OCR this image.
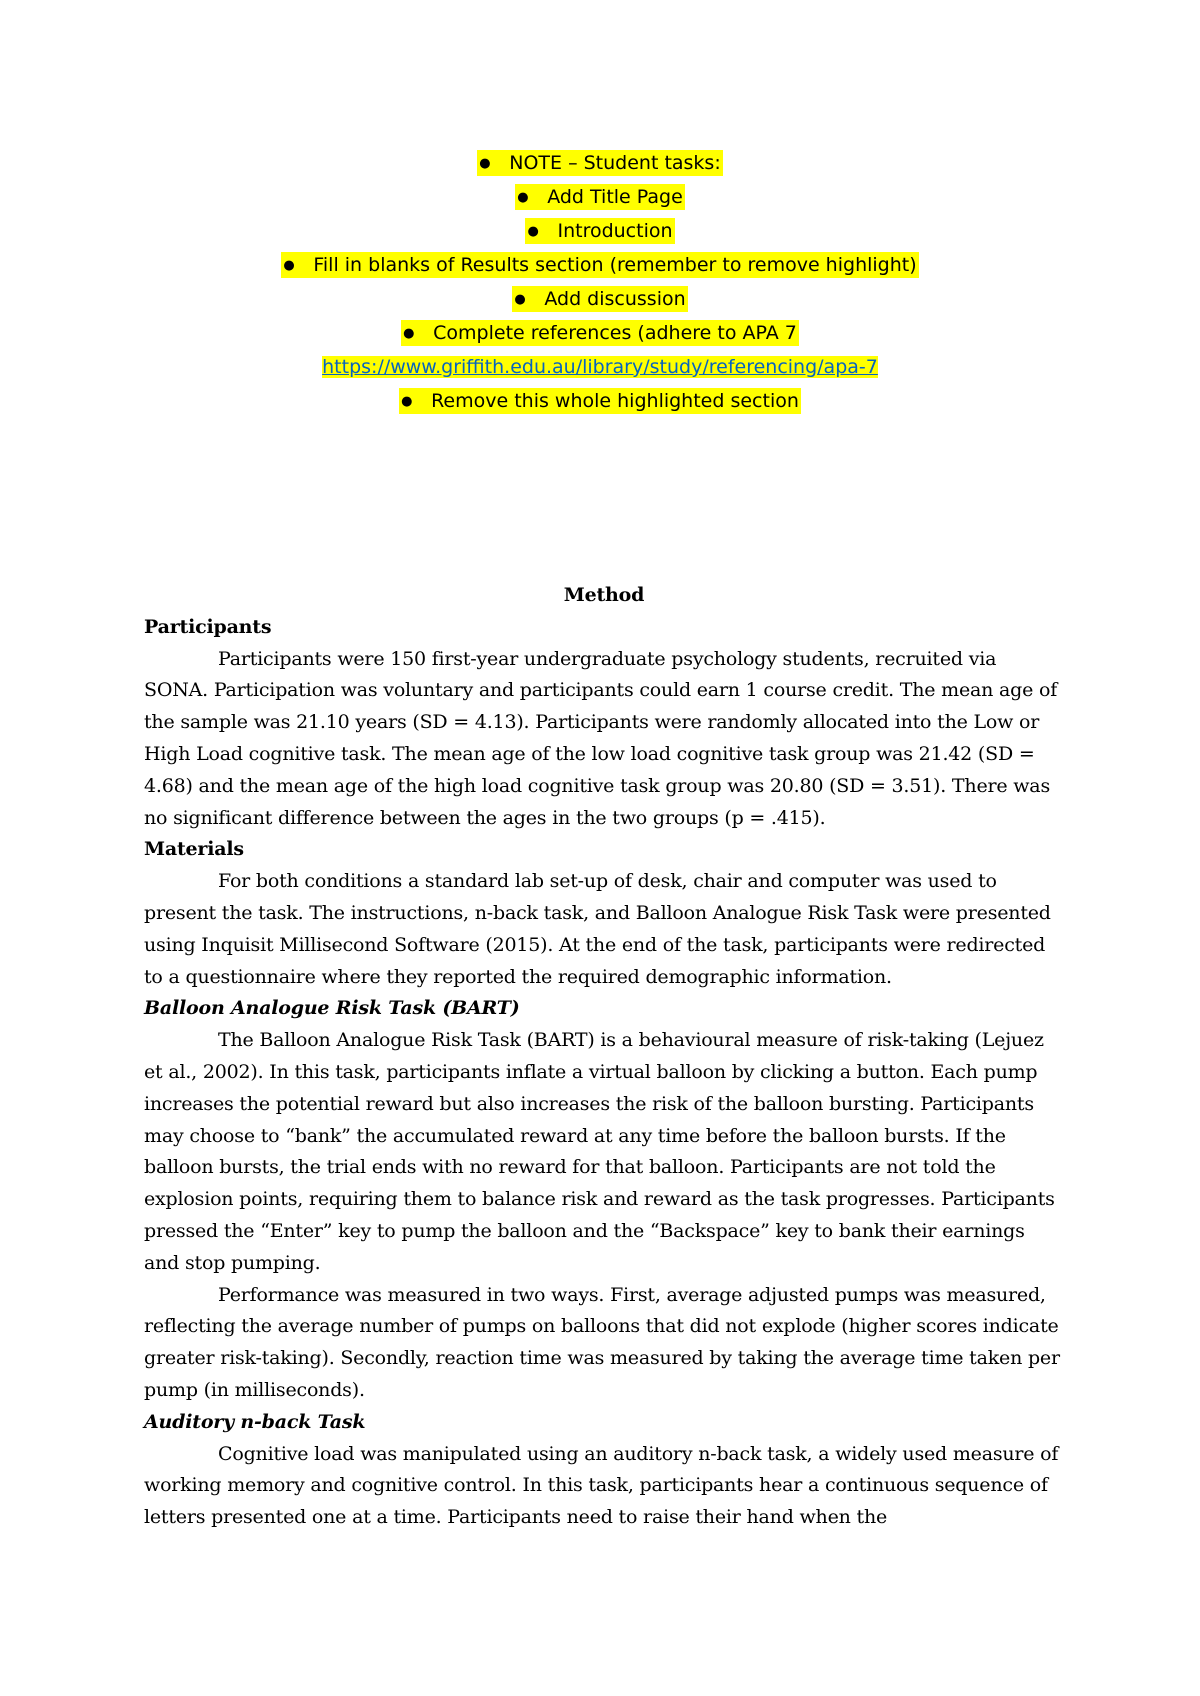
●NOTE – Student tasks:
●Add Title Page
●Introduction
●Fill in blanks of Results section (remember to remove highlight)
●Add discussion
●Complete references (adhere to APA 7
https://www.griffith.edu.au/library/study/referencing/apa-7
●Remove this whole highlighted section
Method
Participants

Participants were 150 first-year undergraduate psychology students, recruited via SONA. Participation was voluntary and participants could earn 1 course credit. The mean age of the sample was 21.10 years (SD = 4.13). Participants were randomly allocated into the Low or High Load cognitive task. The mean age of the low load cognitive task group was 21.42 (SD = 4.68) and the mean age of the high load cognitive task group was 20.80 (SD = 3.51). There was no significant difference between the ages in the two groups (p = .415).

Materials

For both conditions a standard lab set-up of desk, chair and computer was used to present the task. The instructions, n-back task, and Balloon Analogue Risk Task were presented using Inquisit Millisecond Software (2015). At the end of the task, participants were redirected to a questionnaire where they reported the required demographic information.

Balloon Analogue Risk Task (BART)

The Balloon Analogue Risk Task (BART) is a behavioural measure of risk-taking (Lejuez et al., 2002). In this task, participants inflate a virtual balloon by clicking a button. Each pump increases the potential reward but also increases the risk of the balloon bursting. Participants may choose to “bank” the accumulated reward at any time before the balloon bursts. If the balloon bursts, the trial ends with no reward for that balloon. Participants are not told the explosion points, requiring them to balance risk and reward as the task progresses. Participants pressed the “Enter” key to pump the balloon and the “Backspace” key to bank their earnings and stop pumping.

Performance was measured in two ways. First, average adjusted pumps was measured, reflecting the average number of pumps on balloons that did not explode (higher scores indicate greater risk-taking). Secondly, reaction time was measured by taking the average time taken per pump (in milliseconds).

Auditory n-back Task

Cognitive load was manipulated using an auditory n-back task, a widely used measure of working memory and cognitive control. In this task, participants hear a continuous sequence of letters presented one at a time. Participants need to raise their hand when the
